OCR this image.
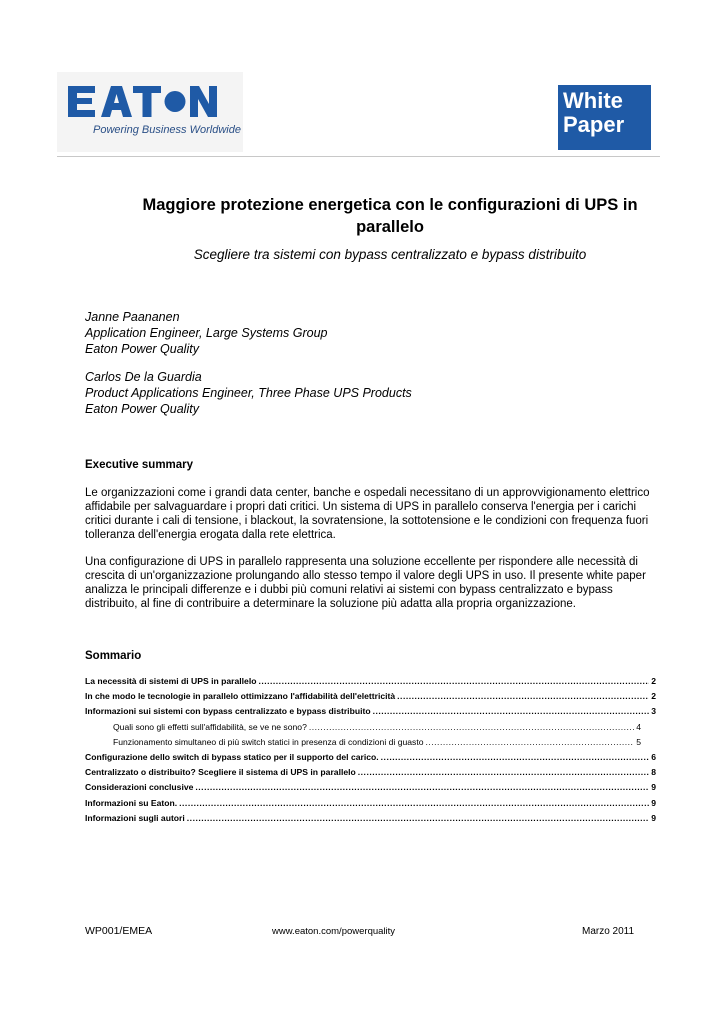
Powering Business Worldwide
White
Paper
Maggiore protezione energetica con le configurazioni di UPS in parallelo
Scegliere tra sistemi con bypass centralizzato e bypass distribuito
Janne Paananen
Application Engineer, Large Systems Group
Eaton Power Quality
Carlos De la Guardia
Product Applications Engineer, Three Phase UPS Products
Eaton Power Quality
Executive summary
Le organizzazioni come i grandi data center, banche e ospedali necessitano di un approvvigionamento elettrico affidabile per salvaguardare i propri dati critici. Un sistema di UPS in parallelo conserva l'energia per i carichi critici durante i cali di tensione, i blackout, la sovratensione, la sottotensione e le condizioni con frequenza fuori tolleranza dell'energia erogata dalla rete elettrica.
Una configurazione di UPS in parallelo rappresenta una soluzione eccellente per rispondere alle necessità di crescita di un'organizzazione prolungando allo stesso tempo il valore degli UPS in uso. Il presente white paper analizza le principali differenze e i dubbi più comuni relativi ai sistemi con bypass centralizzato e bypass distribuito, al fine di contribuire a determinare la soluzione più adatta alla propria organizzazione.
Sommario
La necessità di sistemi di UPS in parallelo .....	2
In che modo le tecnologie in parallelo ottimizzano l'affidabilità dell'elettricità .....	2
Informazioni sui sistemi con bypass centralizzato e bypass distribuito .....	3
Quali sono gli effetti sull'affidabilità, se ve ne sono? .....	4
Funzionamento simultaneo di più switch statici in presenza di condizioni di guasto .....	5
Configurazione dello switch di bypass statico per il supporto del carico. .....	6
Centralizzato o distribuito? Scegliere il sistema di UPS in parallelo .....	8
Considerazioni conclusive .....	9
Informazioni su Eaton. .....	9
Informazioni sugli autori .....	9
WP001/EMEA	www.eaton.com/powerquality	Marzo 2011
